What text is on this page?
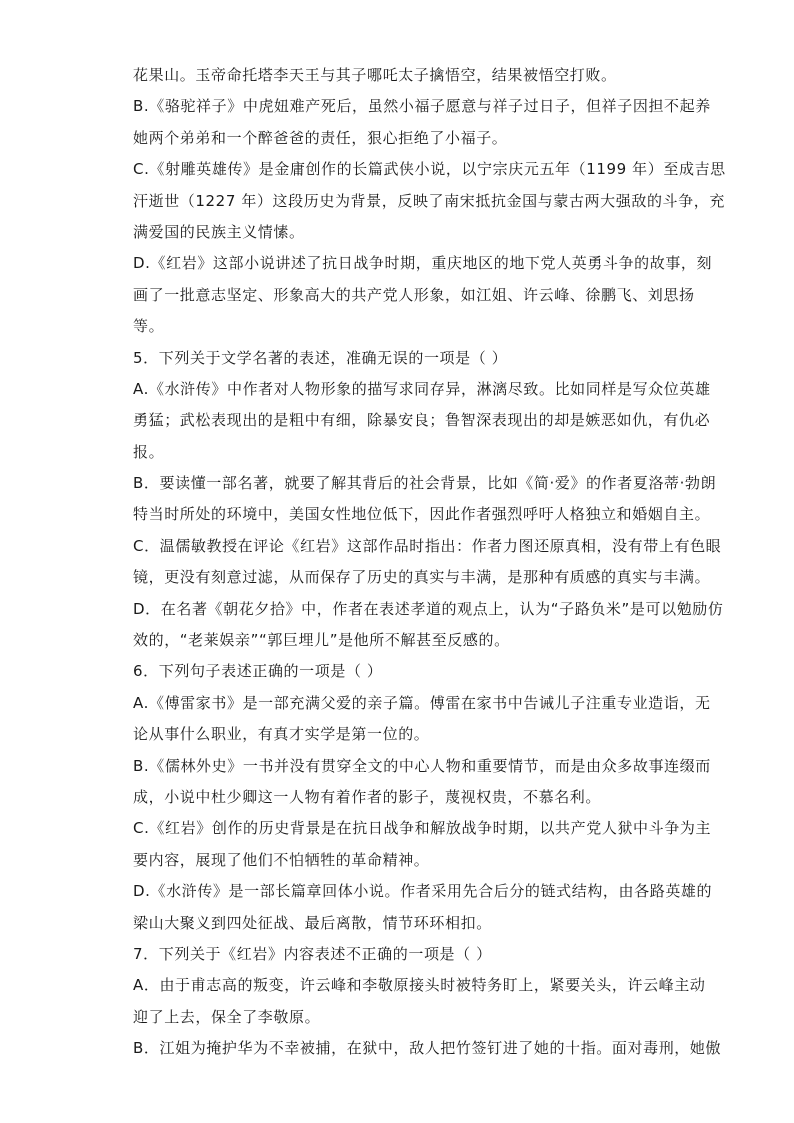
花果山。玉帝命托塔李天王与其子哪吒太子擒悟空，结果被悟空打败。
B.《骆驼祥子》中虎妞难产死后，虽然小福子愿意与祥子过日子，但祥子因担不起养
她两个弟弟和一个醉爸爸的责任，狠心拒绝了小福子。
C.《射雕英雄传》是金庸创作的长篇武侠小说，以宁宗庆元五年（1199 年）至成吉思
汗逝世（1227 年）这段历史为背景，反映了南宋抵抗金国与蒙古两大强敌的斗争，充
满爱国的民族主义情愫。
D.《红岩》这部小说讲述了抗日战争时期，重庆地区的地下党人英勇斗争的故事，刻
画了一批意志坚定、形象高大的共产党人形象，如江姐、许云峰、徐鹏飞、刘思扬
等。
5．下列关于文学名著的表述，准确无误的一项是（ ）
A.《水浒传》中作者对人物形象的描写求同存异，淋漓尽致。比如同样是写众位英雄
勇猛；武松表现出的是粗中有细，除暴安良；鲁智深表现出的却是嫉恶如仇，有仇必
报。
B．要读懂一部名著，就要了解其背后的社会背景，比如《简·爱》的作者夏洛蒂·勃朗
特当时所处的环境中，美国女性地位低下，因此作者强烈呼吁人格独立和婚姻自主。
C．温儒敏教授在评论《红岩》这部作品时指出：作者力图还原真相，没有带上有色眼
镜，更没有刻意过滤，从而保存了历史的真实与丰满，是那种有质感的真实与丰满。
D．在名著《朝花夕拾》中，作者在表述孝道的观点上，认为“子路负米”是可以勉励仿
效的，“老莱娱亲”“郭巨埋儿”是他所不解甚至反感的。
6．下列句子表述正确的一项是（ ）
A.《傅雷家书》是一部充满父爱的亲子篇。傅雷在家书中告诫儿子注重专业造诣，无
论从事什么职业，有真才实学是第一位的。
B.《儒林外史》一书并没有贯穿全文的中心人物和重要情节，而是由众多故事连缀而
成，小说中杜少卿这一人物有着作者的影子，蔑视权贵，不慕名利。
C.《红岩》创作的历史背景是在抗日战争和解放战争时期，以共产党人狱中斗争为主
要内容，展现了他们不怕牺牲的革命精神。
D.《水浒传》是一部长篇章回体小说。作者采用先合后分的链式结构，由各路英雄的
梁山大聚义到四处征战、最后离散，情节环环相扣。
7．下列关于《红岩》内容表述不正确的一项是（ ）
A．由于甫志高的叛变，许云峰和李敬原接头时被特务盯上，紧要关头，许云峰主动
迎了上去，保全了李敬原。
B．江姐为掩护华为不幸被捕，在狱中，敌人把竹签钉进了她的十指。面对毒刑，她傲
